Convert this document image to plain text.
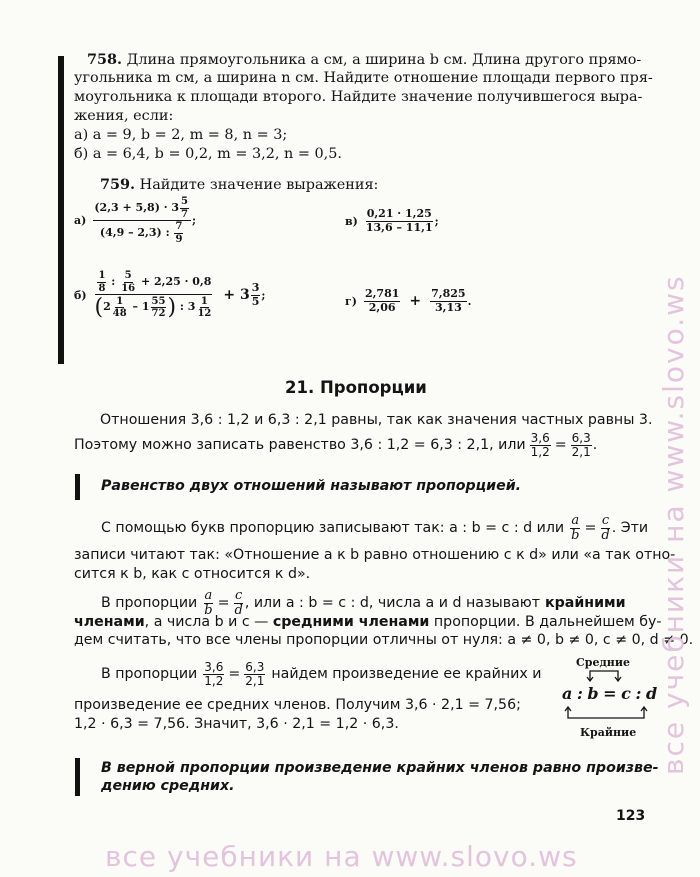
758. Длина прямоугольника a см, а ширина b см. Длина другого прямо-
угольника m см, а ширина n см. Найдите отношение площади первого пря-
моугольника к площади второго. Найдите значение получившегося выра-
жения, если:
а) a = 9, b = 2, m = 8, n = 3;
б) a = 6,4, b = 0,2, m = 3,2, n = 0,5.
759. Найдите значение выражения:
$а) \frac{(2,3 + 5,8) \cdot 3 \frac{5}{7}}{(4,9 - 2,3) : \frac{7}{9}}$ ;	$в) \frac{0,21 \cdot 1,25}{13,6 - 11,1}$ ;
б)
$\frac{1}{8}$ : $\frac{5}{16} + 2,25 \cdot 0,8$
( $2 \frac{1}{48} - 1 \frac{55}{72}$ ) : $3 \frac{1}{12}$
+ $3 \frac{3}{5}$ ;	$г) \frac{2,781}{2,06} + \frac{7,825}{3,13}$ .
21. Пропорции
Отношения 3,6 : 1,2 и 6,3 : 2,1 равны, так как значения частных равны 3.
Поэтому можно записать равенство 3,6 : 1,2 = 6,3 : 2,1, или $\frac{3,6}{1,2} = \frac{6,3}{2,1}$ .
Равенство двух отношений называют пропорцией.
С помощью букв пропорцию записывают так: a : b = c : d или $\frac{a}{b} = \frac{c}{d}$ . Эти
записи читают так: «Отношение a к b равно отношению c к d» или «a так отно-
сится к b, как c относится к d».
В пропорции $\frac{a}{b} = \frac{c}{d}$ , или a : b = c : d, числа a и d называют крайними
членами, а числа b и c — средними членами пропорции. В дальнейшем бу-
дем считать, что все члены пропорции отличны от нуля: a ≠ 0, b ≠ 0, c ≠ 0, d ≠ 0.
В пропорции $\frac{3,6}{1,2} = \frac{6,3}{2,1}$ найдем произведение ее крайних и
произведение ее средних членов. Получим 3,6 · 2,1 = 7,56;
1,2 · 6,3 = 7,56. Значит, 3,6 · 2,1 = 1,2 · 6,3.
Средние
a : b = c : d
Крайние
В верной пропорции произведение крайних членов равно произве-
дению средних.
123
все учебники на www.slovo.ws
все учебники на www.slovo.ws
